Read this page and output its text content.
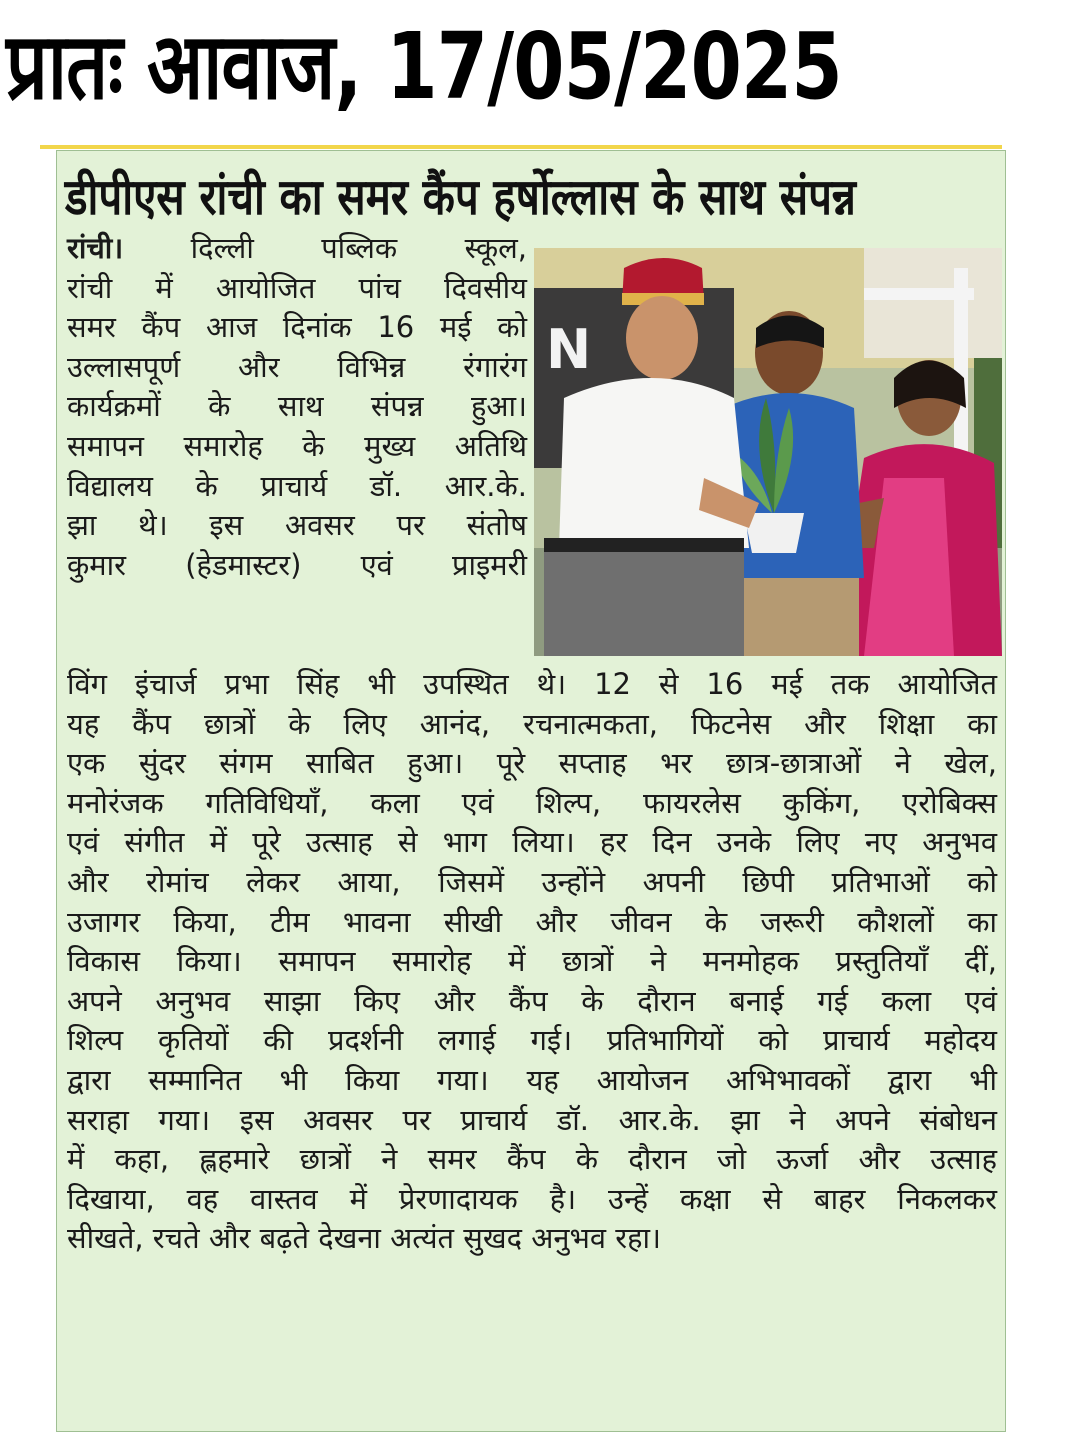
प्रातः आवाज, 17/05/2025
डीपीएस रांची का समर कैंप हर्षोल्लास के साथ संपन्न
रांची। दिल्ली पब्लिक स्कूल,
रांची में आयोजित पांच दिवसीय
समर कैंप आज दिनांक 16 मई को
उल्लासपूर्ण और विभिन्न रंगारंग
कार्यक्रमों के साथ संपन्न हुआ।
समापन समारोह के मुख्य अतिथि
विद्यालय के प्राचार्य डॉ. आर.के.
झा थे। इस अवसर पर संतोष
कुमार (हेडमास्टर) एवं प्राइमरी
N
विंग इंचार्ज प्रभा सिंह भी उपस्थित थे। 12 से 16 मई तक आयोजित
यह कैंप छात्रों के लिए आनंद, रचनात्मकता, फिटनेस और शिक्षा का
एक सुंदर संगम साबित हुआ। पूरे सप्ताह भर छात्र-छात्राओं ने खेल,
मनोरंजक गतिविधियाँ, कला एवं शिल्प, फायरलेस कुकिंग, एरोबिक्स
एवं संगीत में पूरे उत्साह से भाग लिया। हर दिन उनके लिए नए अनुभव
और रोमांच लेकर आया, जिसमें उन्होंने अपनी छिपी प्रतिभाओं को
उजागर किया, टीम भावना सीखी और जीवन के जरूरी कौशलों का
विकास किया। समापन समारोह में छात्रों ने मनमोहक प्रस्तुतियाँ दीं,
अपने अनुभव साझा किए और कैंप के दौरान बनाई गई कला एवं
शिल्प कृतियों की प्रदर्शनी लगाई गई। प्रतिभागियों को प्राचार्य महोदय
द्वारा सम्मानित भी किया गया। यह आयोजन अभिभावकों द्वारा भी
सराहा गया। इस अवसर पर प्राचार्य डॉ. आर.के. झा ने अपने संबोधन
में कहा, ह्लहमारे छात्रों ने समर कैंप के दौरान जो ऊर्जा और उत्साह
दिखाया, वह वास्तव में प्रेरणादायक है। उन्हें कक्षा से बाहर निकलकर
सीखते, रचते और बढ़ते देखना अत्यंत सुखद अनुभव रहा।
